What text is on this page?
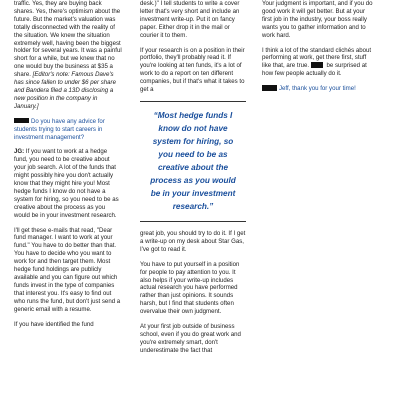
traffic. Yes, they are buying back shares. Yes, there's optimism about the future. But the market's valuation was totally disconnected with the reality of the situation. We knew the situation extremely well, having been the biggest holder for several years. It was a painful short for a while, but we knew that no one would buy the business at $35 a share. [Editor's note: Famous Dave's has since fallen to under $6 per share and Bandera filed a 13D disclosing a new position in the company in January.]

Do you have any advice for students trying to start careers in investment management?

JG: If you want to work at a hedge fund, you need to be creative about your job search. A lot of the funds that might possibly hire you don't actually know that they might hire you! Most hedge funds I know do not have a system for hiring, so you need to be as creative about the process as you would be in your investment research.

I'll get these e-mails that read, "Dear fund manager. I want to work at your fund." You have to do better than that. You have to decide who you want to work for and then target them. Most hedge fund holdings are publicly available and you can figure out which funds invest in the type of companies that interest you. It's easy to find out who runs the fund, but don't just send a generic email with a resume.

If you have identified the fund

desk.)" I tell students to write a cover letter that's very short and include an investment write-up. Put it on fancy paper. Either drop it in the mail or courier it to them.

If your research is on a position in their portfolio, they'll probably read it. If you're looking at ten funds, it's a lot of work to do a report on ten different companies, but if that's what it takes to get a

“Most hedge funds I know do not have system for hiring, so you need to be as creative about the process as you would be in your investment research.”

great job, you should try to do it. If I get a write-up on my desk about Star Gas, I've got to read it.

You have to put yourself in a position for people to pay attention to you. It also helps if your write-up includes actual research you have performed rather than just opinions. It sounds harsh, but I find that students often overvalue their own judgment.

At your first job outside of business school, even if you do great work and you're extremely smart, don't underestimate the fact that

Your judgment is important, and if you do good work it will get better. But at your first job in the industry, your boss really wants you to gather information and to work hard.

I think a lot of the standard clichés about performing at work, get there first, stuff like that, are true.	be surprised at how few people actually do it.

Jeff, thank you for your time!
